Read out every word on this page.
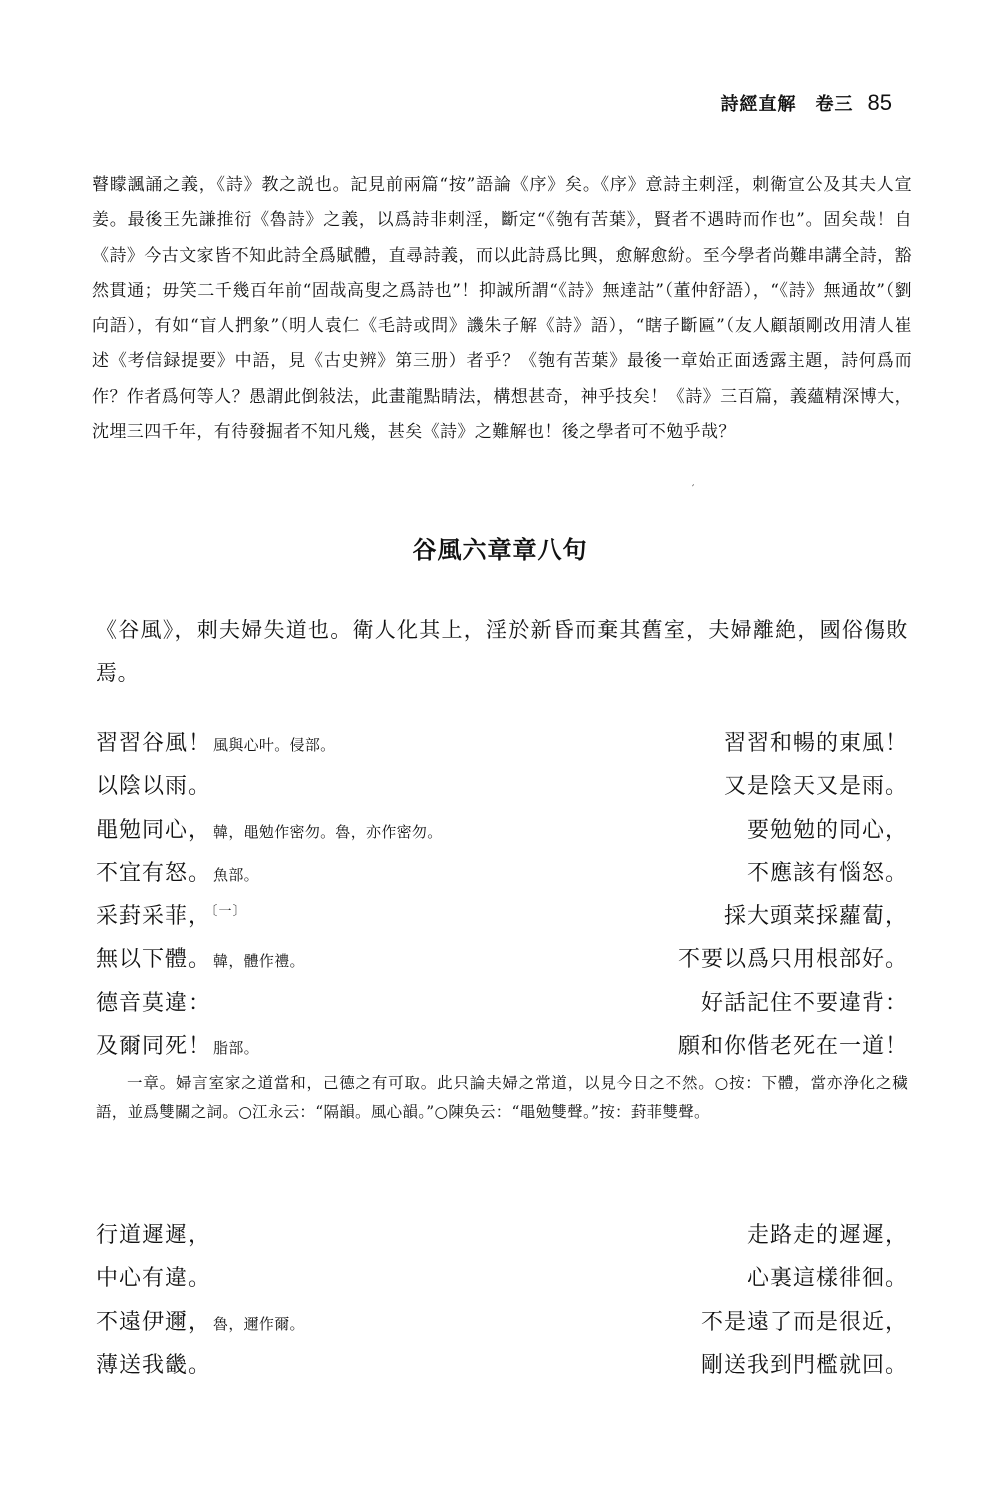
詩經直解　卷三 85

瞽矇諷誦之義，《詩》教之説也。記見前兩篇“按”語論《序》矣。《序》意詩主刺淫，刺衛宣公及其夫人宣姜。最後王先謙推衍《魯詩》之義，以爲詩非刺淫，斷定“《匏有苦葉》，賢者不遇時而作也”。固矣哉！自《詩》今古文家皆不知此詩全爲賦體，直尋詩義，而以此詩爲比興，愈解愈紛。至今學者尚難串講全詩，豁然貫通；毋笑二千幾百年前“固哉高叟之爲詩也”！抑誠所謂“《詩》無達詁”（董仲舒語），“《詩》無通故”（劉向語），有如“盲人捫象”（明人袁仁《毛詩或問》譏朱子解《詩》語），“瞎子斷匾”（友人顧頡剛改用清人崔述《考信録提要》中語，見《古史辨》第三册）者乎？《匏有苦葉》最後一章始正面透露主題，詩何爲而作？作者爲何等人？愚謂此倒敍法，此畫龍點睛法，構想甚奇，神乎技矣！《詩》三百篇，義蘊精深博大，沈埋三四千年，有待發掘者不知凡幾，甚矣《詩》之難解也！後之學者可不勉乎哉？

′
谷風六章章八句
《谷風》，刺夫婦失道也。衛人化其上，淫於新昏而棄其舊室，夫婦離絶，國俗傷敗焉。
習習谷風！ 風與心叶。侵部。	習習和暢的東風！
以陰以雨。	又是陰天又是雨。
黽勉同心， 韓，黽勉作密勿。魯，亦作密勿。	要勉勉的同心，
不宜有怒。 魚部。	不應該有惱怒。
采葑采菲，$^{〔一〕}$	採大頭菜採蘿蔔，
無以下體。 韓，體作禮。	不要以爲只用根部好。
德音莫違：	好話記住不要違背：
及爾同死！ 脂部。	願和你偕老死在一道！
一章。婦言室家之道當和，己德之有可取。此只論夫婦之常道，以見今日之不然。○按：下體，當亦浄化之穢語，並爲雙關之詞。○江永云：“隔韻。風心韻。”○陳奂云：“黽勉雙聲。”按：葑菲雙聲。
行道遲遲，	走路走的遲遲，
中心有違。	心裏這樣徘徊。
不遠伊邇， 魯，邇作爾。	不是遠了而是很近，
薄送我畿。	剛送我到門檻就回。
